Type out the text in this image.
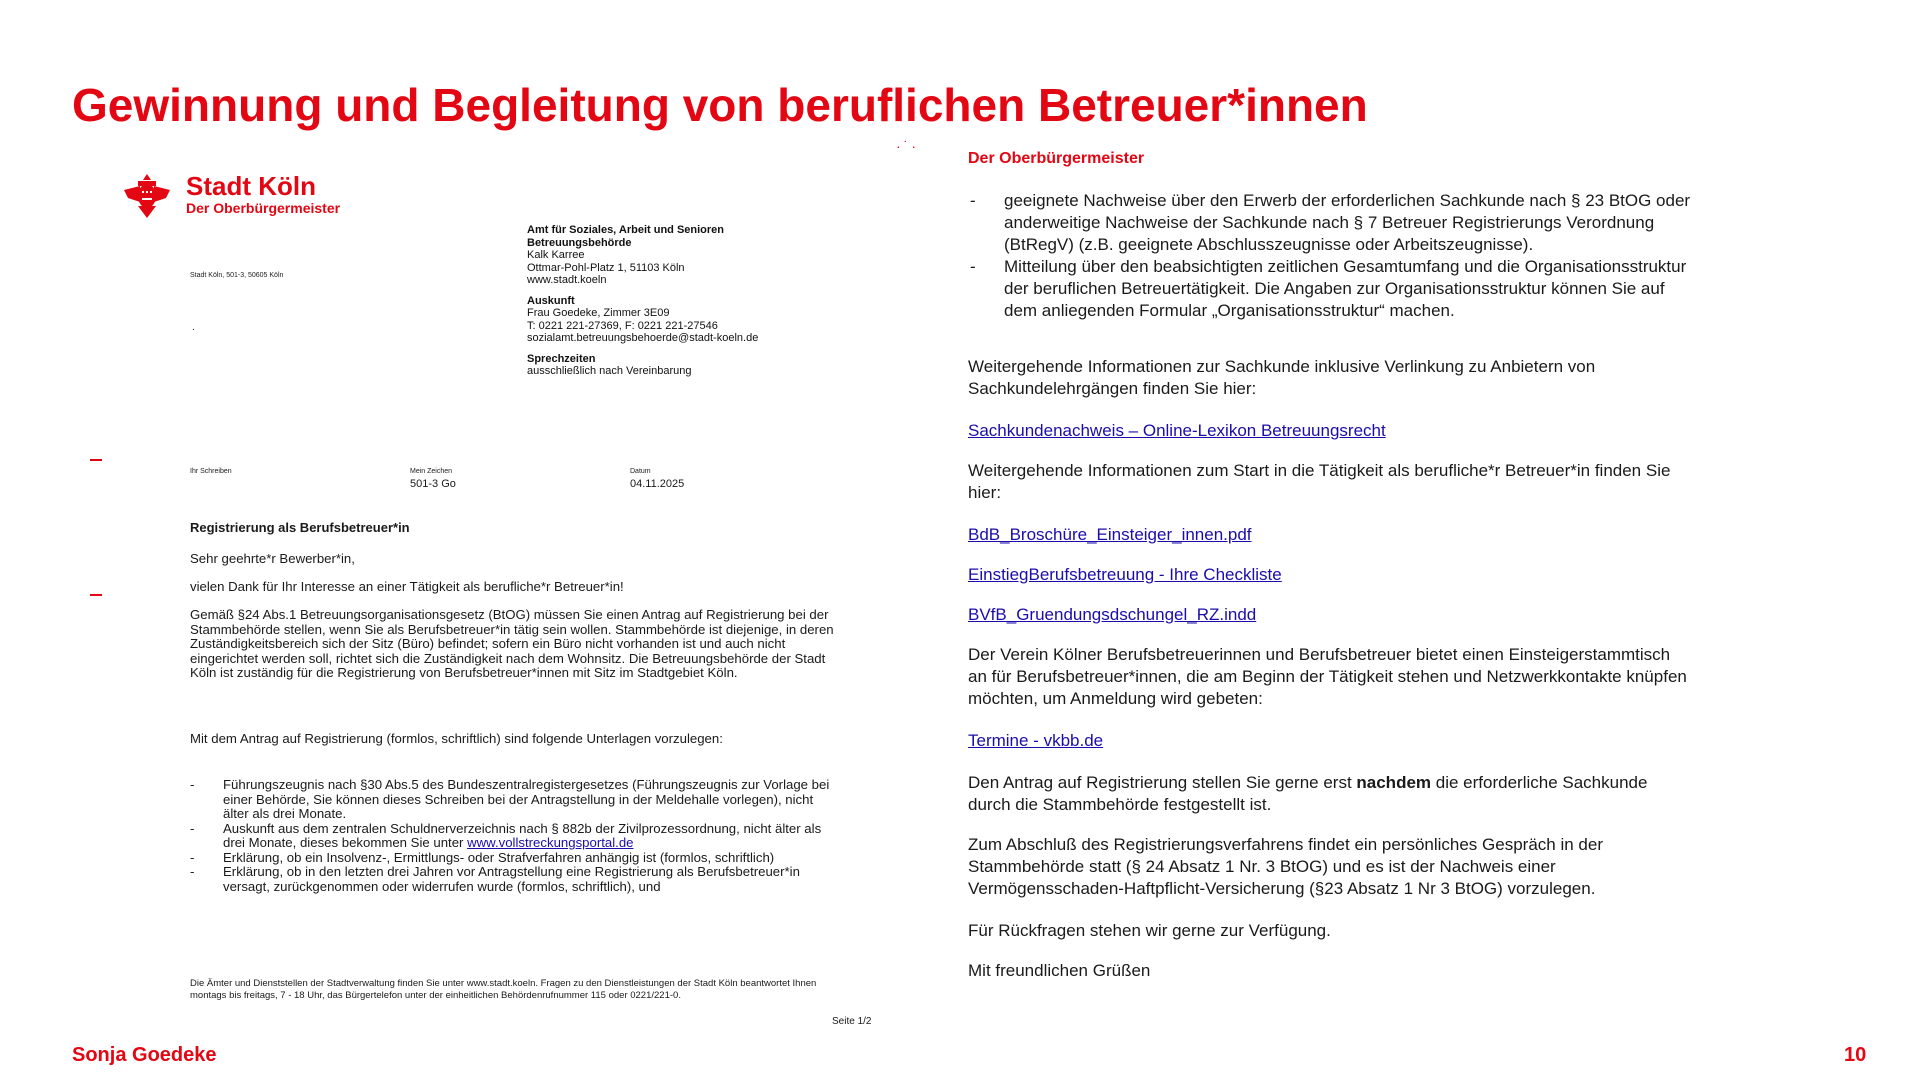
Gewinnung und Begleitung von beruflichen Betreuer*innen
·˙·
Stadt Köln
Der Oberbürgermeister
Stadt Köln, 501-3, 50605 Köln
.
Amt für Soziales, Arbeit und Senioren
Betreuungsbehörde
Kalk Karree
Ottmar-Pohl-Platz 1, 51103 Köln
www.stadt.koeln
Auskunft
Frau Goedeke, Zimmer 3E09
T: 0221 221-27369, F: 0221 221-27546
sozialamt.betreuungsbehoerde@stadt-koeln.de
Sprechzeiten
ausschließlich nach Vereinbarung
Ihr Schreiben	Mein Zeichen
501-3 Go
Datum
04.11.2025
Registrierung als Berufsbetreuer*in
Sehr geehrte*r Bewerber*in,
vielen Dank für Ihr Interesse an einer Tätigkeit als berufliche*r Betreuer*in!
Gemäß §24 Abs.1 Betreuungsorganisationsgesetz (BtOG) müssen Sie einen Antrag auf Registrierung bei der Stammbehörde stellen, wenn Sie als Berufsbetreuer*in tätig sein wollen. Stammbehörde ist diejenige, in deren Zuständigkeitsbereich sich der Sitz (Büro) befindet; sofern ein Büro nicht vorhanden ist und auch nicht eingerichtet werden soll, richtet sich die Zuständigkeit nach dem Wohnsitz. Die Betreuungsbehörde der Stadt Köln ist zuständig für die Registrierung von Berufsbetreuer*innen mit Sitz im Stadtgebiet Köln.
Mit dem Antrag auf Registrierung (formlos, schriftlich) sind folgende Unterlagen vorzulegen:
- Führungszeugnis nach §30 Abs.5 des Bundeszentralregistergesetzes (Führungszeugnis zur Vorlage bei einer Behörde, Sie können dieses Schreiben bei der Antragstellung in der Meldehalle vorlegen), nicht älter als drei Monate.
- Auskunft aus dem zentralen Schuldnerverzeichnis nach § 882b der Zivilprozessordnung, nicht älter als drei Monate, dieses bekommen Sie unter www.vollstreckungsportal.de
- Erklärung, ob ein Insolvenz-, Ermittlungs- oder Strafverfahren anhängig ist (formlos, schriftlich)
- Erklärung, ob in den letzten drei Jahren vor Antragstellung eine Registrierung als Berufsbetreuer*in versagt, zurückgenommen oder widerrufen wurde (formlos, schriftlich), und
Die Ämter und Dienststellen der Stadtverwaltung finden Sie unter www.stadt.koeln. Fragen zu den Dienstleistungen der Stadt Köln beantwortet Ihnen montags bis freitags, 7 - 18 Uhr, das Bürgertelefon unter der einheitlichen Behördenrufnummer 115 oder 0221/221-0.
Seite 1/2
Der Oberbürgermeister
- geeignete Nachweise über den Erwerb der erforderlichen Sachkunde nach § 23 BtOG oder anderweitige Nachweise der Sachkunde nach § 7 Betreuer Registrierungs Verordnung (BtRegV) (z.B. geeignete Abschlusszeugnisse oder Arbeitszeugnisse).
- Mitteilung über den beabsichtigten zeitlichen Gesamtumfang und die Organisationsstruktur der beruflichen Betreuertätigkeit. Die Angaben zur Organisationsstruktur können Sie auf dem anliegenden Formular „Organisationsstruktur“ machen.
Weitergehende Informationen zur Sachkunde inklusive Verlinkung zu Anbietern von Sachkundelehrgängen finden Sie hier:
Sachkundenachweis – Online-Lexikon Betreuungsrecht
Weitergehende Informationen zum Start in die Tätigkeit als berufliche*r Betreuer*in finden Sie hier:
BdB_Broschüre_Einsteiger_innen.pdf
EinstiegBerufsbetreuung - Ihre Checkliste
BVfB_Gruendungsdschungel_RZ.indd
Der Verein Kölner Berufsbetreuerinnen und Berufsbetreuer bietet einen Einsteigerstammtisch an für Berufsbetreuer*innen, die am Beginn der Tätigkeit stehen und Netzwerkkontakte knüpfen möchten, um Anmeldung wird gebeten:
Termine - vkbb.de
Den Antrag auf Registrierung stellen Sie gerne erst nachdem die erforderliche Sachkunde durch die Stammbehörde festgestellt ist.
Zum Abschluß des Registrierungsverfahrens findet ein persönliches Gespräch in der Stammbehörde statt (§ 24 Absatz 1 Nr. 3 BtOG) und es ist der Nachweis einer Vermögensschaden-Haftpflicht-Versicherung (§23 Absatz 1 Nr 3 BtOG) vorzulegen.
Für Rückfragen stehen wir gerne zur Verfügung.
Mit freundlichen Grüßen
Sonja Goedeke	10
